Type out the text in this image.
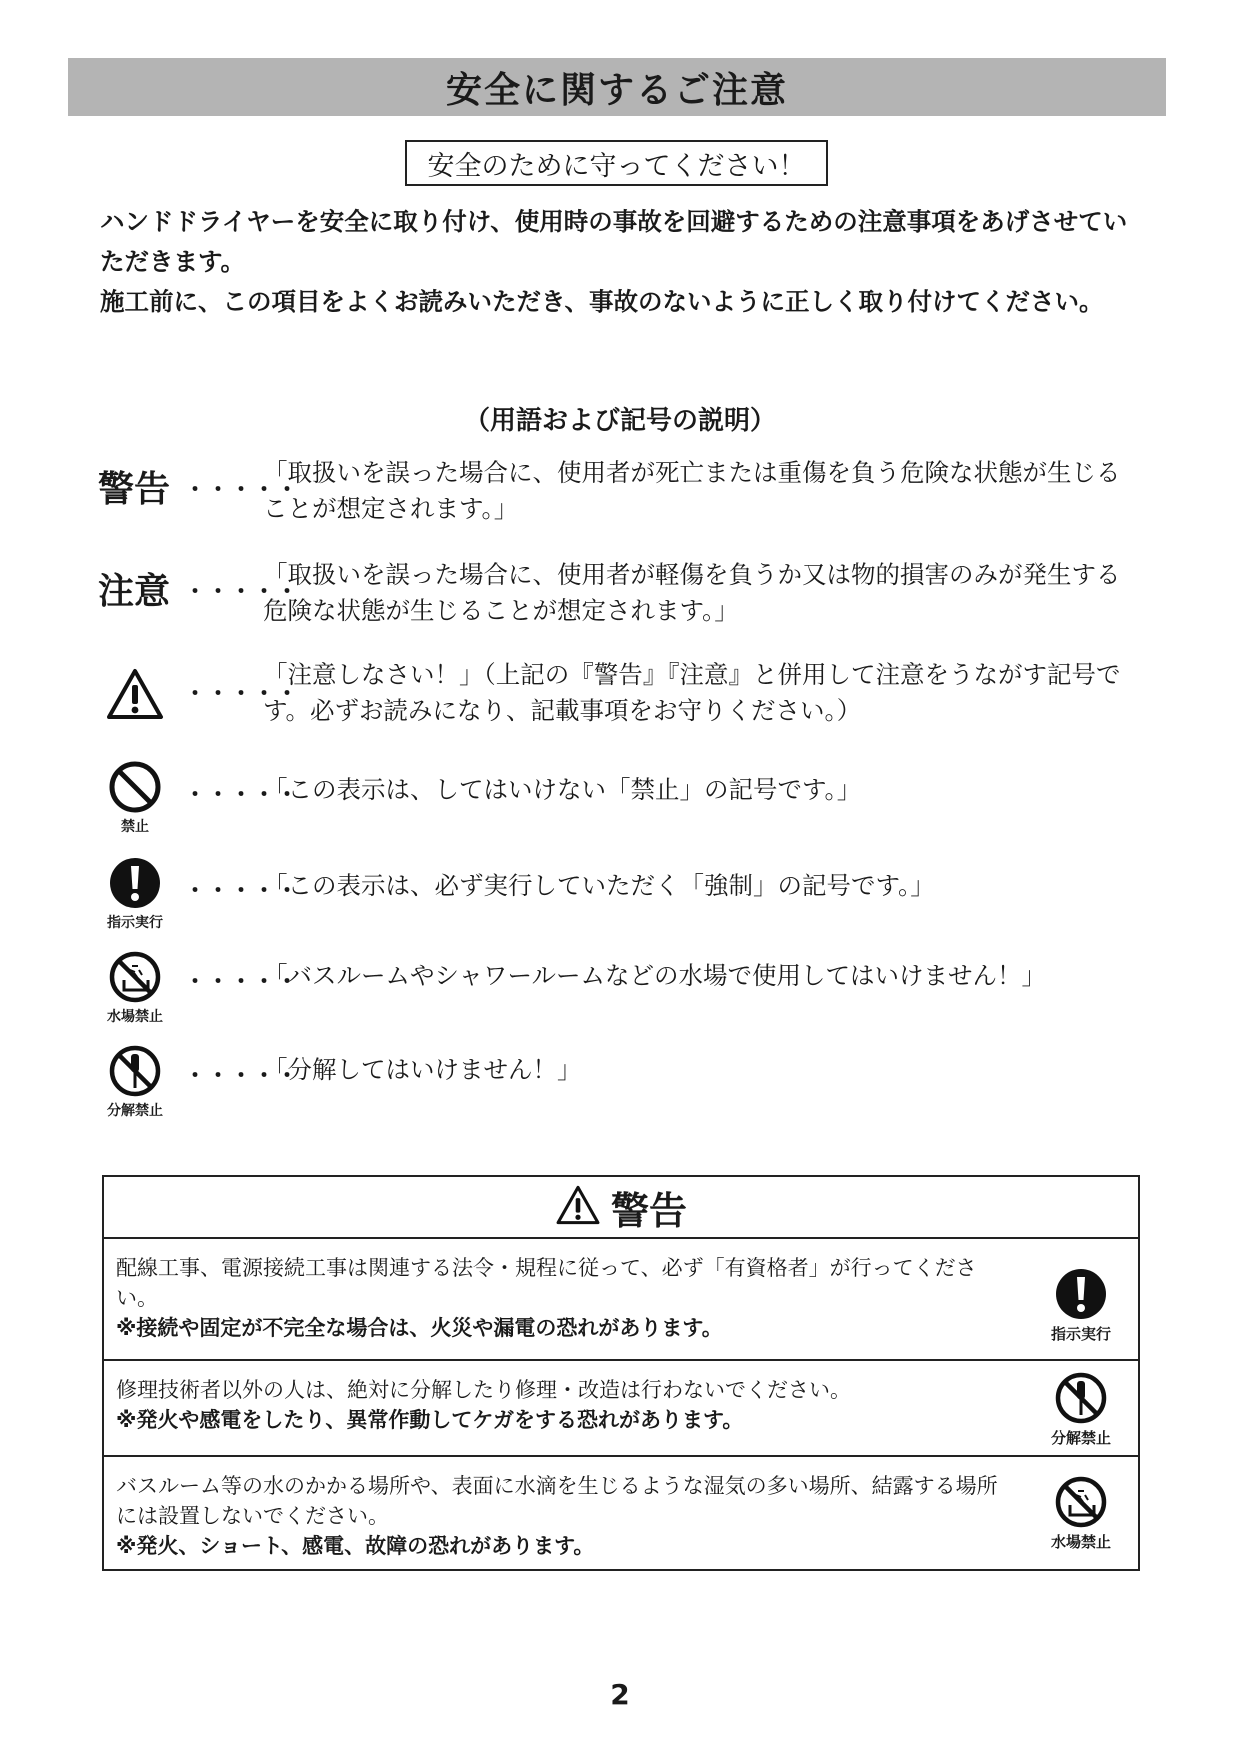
安全に関するご注意
安全のために守ってください！

ハンドドライヤーを安全に取り付け、使用時の事故を回避するための注意事項をあげさせていただきます。

施工前に、この項目をよくお読みいただき、事故のないように正しく取り付けてください。

（用語および記号の説明）
警告 ・・・・・
「取扱いを誤った場合に、使用者が死亡または重傷を負う危険な状態が生じることが想定されます。」
注意 ・・・・・
「取扱いを誤った場合に、使用者が軽傷を負うか又は物的損害のみが発生する危険な状態が生じることが想定されます。」
・・・・・
「注意しなさい！」（上記の『警告』『注意』と併用して注意をうながす記号です。必ずお読みになり、記載事項をお守りください。）
禁止
・・・・・
「この表示は、してはいけない「禁止」の記号です。」
指示実行
・・・・・
「この表示は、必ず実行していただく「強制」の記号です。」
水場禁止
・・・・・
「バスルームやシャワールームなどの水場で使用してはいけません！」
分解禁止
・・・・・
「分解してはいけません！」
警告
配線工事、電源接続工事は関連する法令・規程に従って、必ず「有資格者」が行ってください。
※接続や固定が不完全な場合は、火災や漏電の恐れがあります。	指示実行
修理技術者以外の人は、絶対に分解したり修理・改造は行わないでください。
※発火や感電をしたり、異常作動してケガをする恐れがあります。
分解禁止
バスルーム等の水のかかる場所や、表面に水滴を生じるような湿気の多い場所、結露する場所には設置しないでください。
※発火、ショート、感電、故障の恐れがあります。	水場禁止
2
